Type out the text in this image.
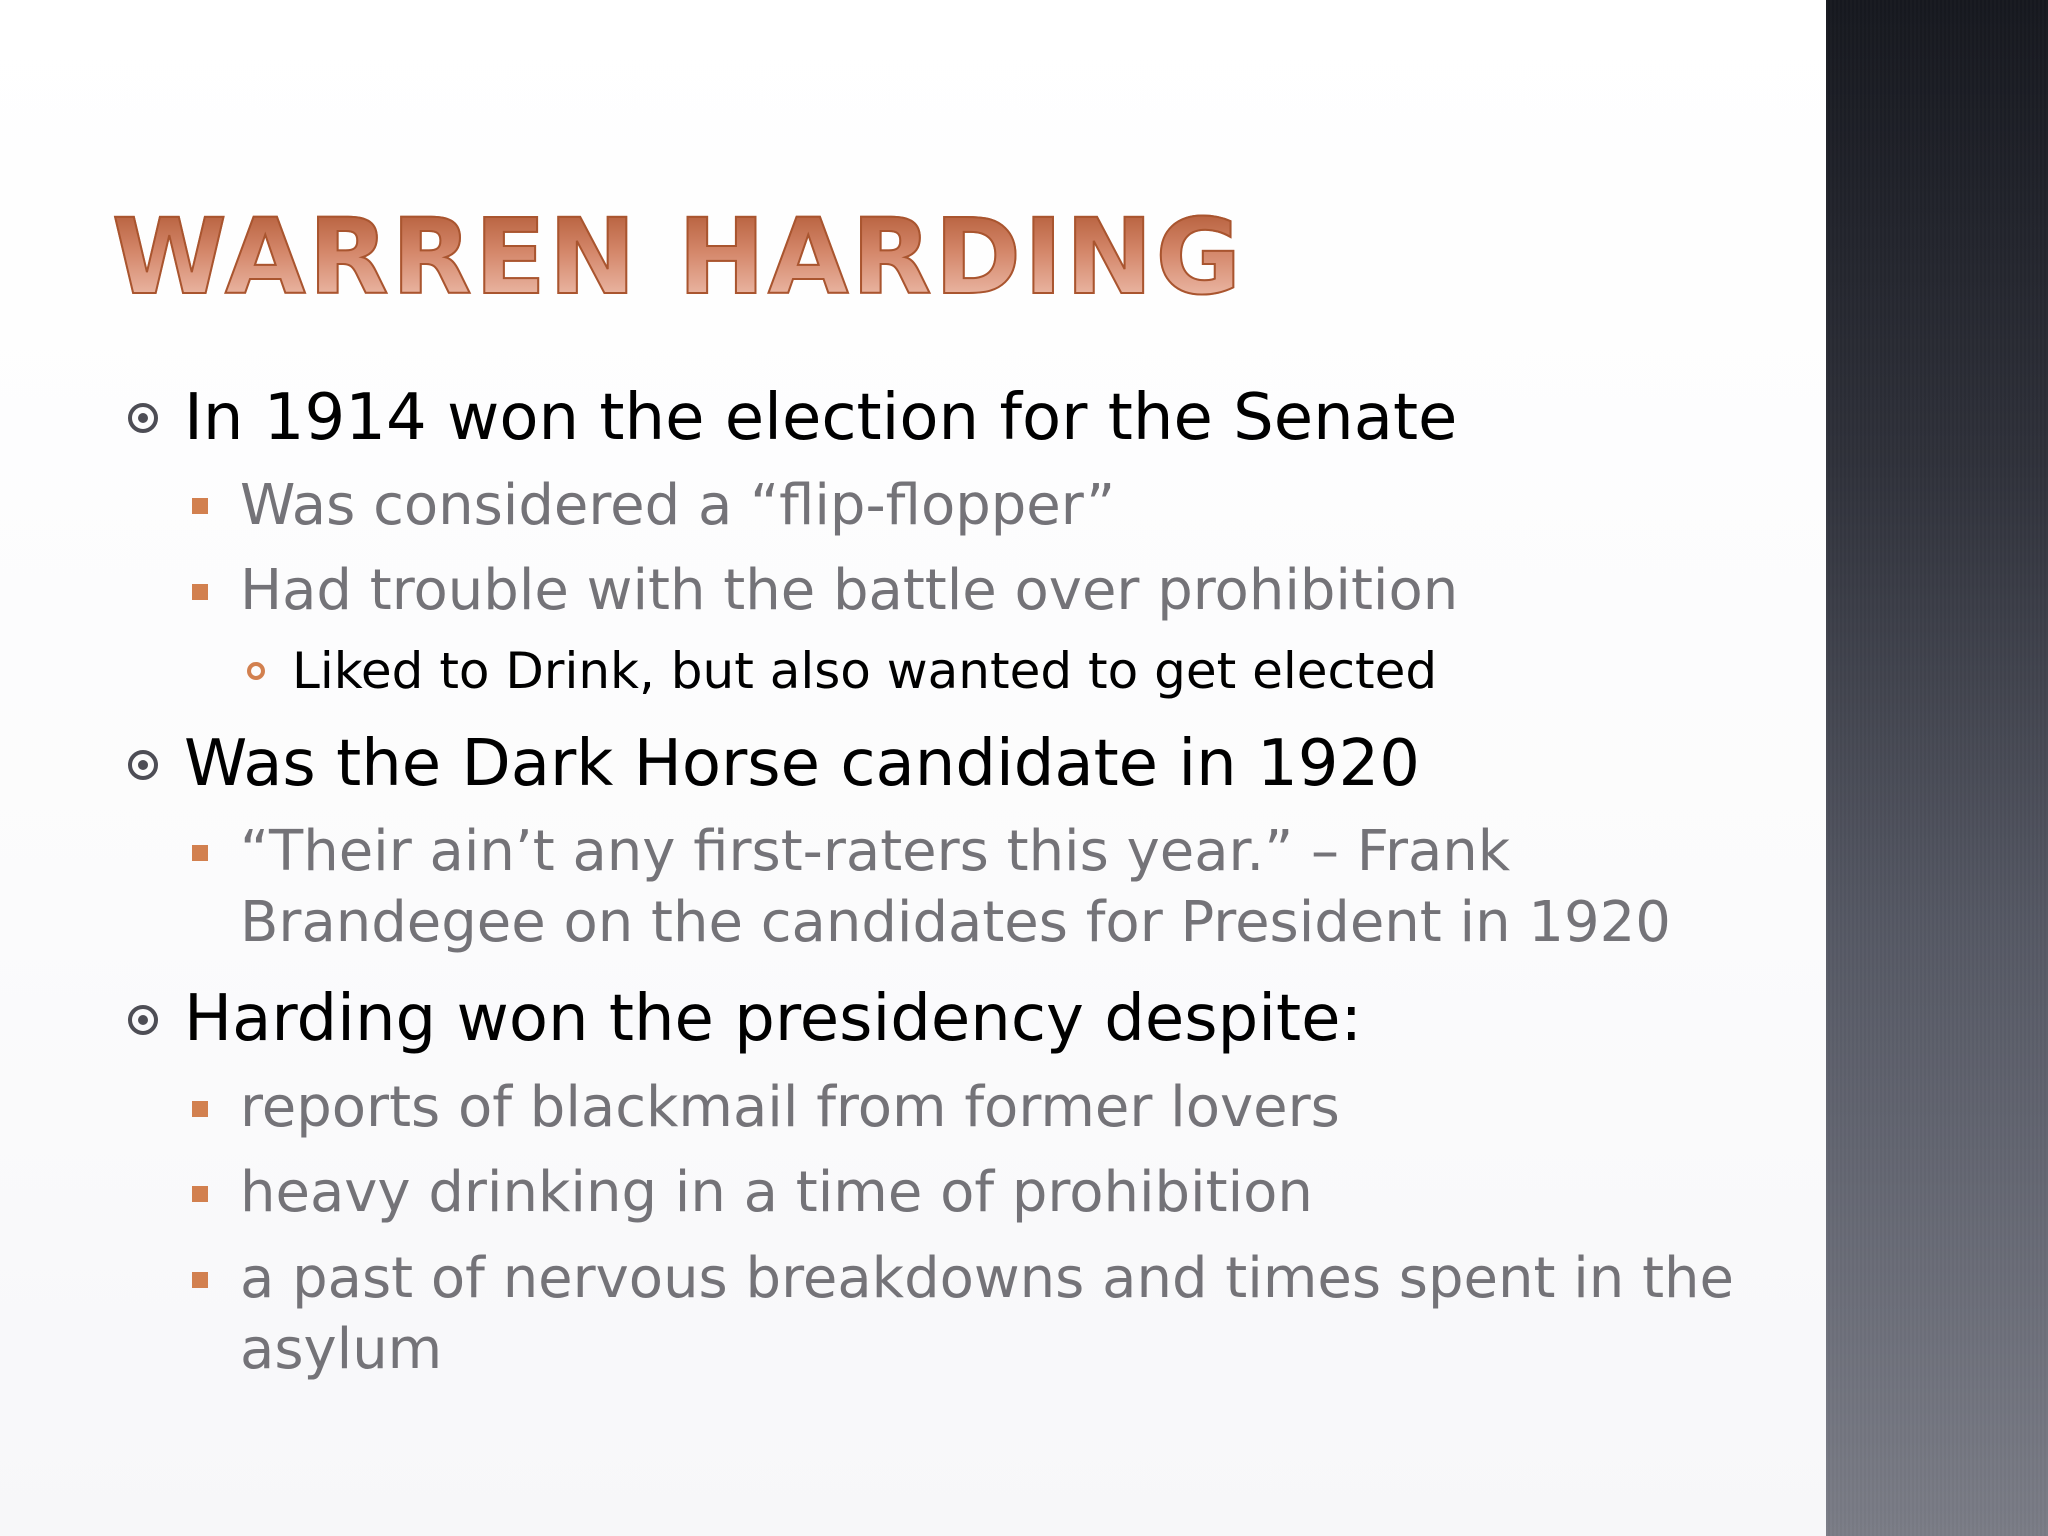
WARREN HARDING
In 1914 won the election for the Senate
Was considered a “flip-flopper”
Had trouble with the battle over prohibition
Liked to Drink, but also wanted to get elected
Was the Dark Horse candidate in 1920
“Their ain’t any first-raters this year.” – Frank
Brandegee on the candidates for President in 1920
Harding won the presidency despite:
reports of blackmail from former lovers
heavy drinking in a time of prohibition
a past of nervous breakdowns and times spent in the
asylum
